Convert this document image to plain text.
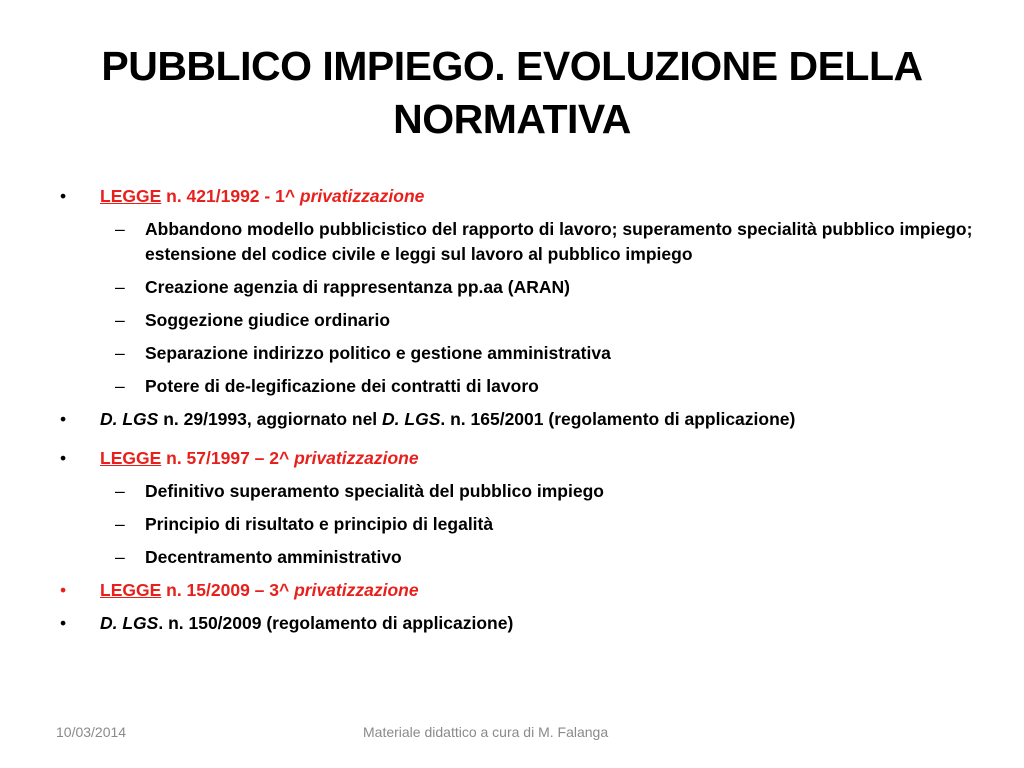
PUBBLICO IMPIEGO. EVOLUZIONE DELLA NORMATIVA
• LEGGE n. 421/1992 - 1^ privatizzazione
– Abbandono modello pubblicistico del rapporto di lavoro; superamento specialità pubblico impiego; estensione del codice civile e leggi sul lavoro al pubblico impiego
– Creazione agenzia di rappresentanza pp.aa (ARAN)
– Soggezione giudice ordinario
– Separazione indirizzo politico e gestione amministrativa
– Potere di de-legificazione dei contratti di lavoro
• D. LGS n. 29/1993, aggiornato nel D. LGS. n. 165/2001 (regolamento di applicazione)
• LEGGE n. 57/1997 – 2^ privatizzazione
– Definitivo superamento specialità del pubblico impiego
– Principio di risultato e principio di legalità
– Decentramento amministrativo
• LEGGE n. 15/2009 – 3^ privatizzazione
• D. LGS. n. 150/2009 (regolamento di applicazione)
10/03/2014	Materiale didattico a cura di M. Falanga
